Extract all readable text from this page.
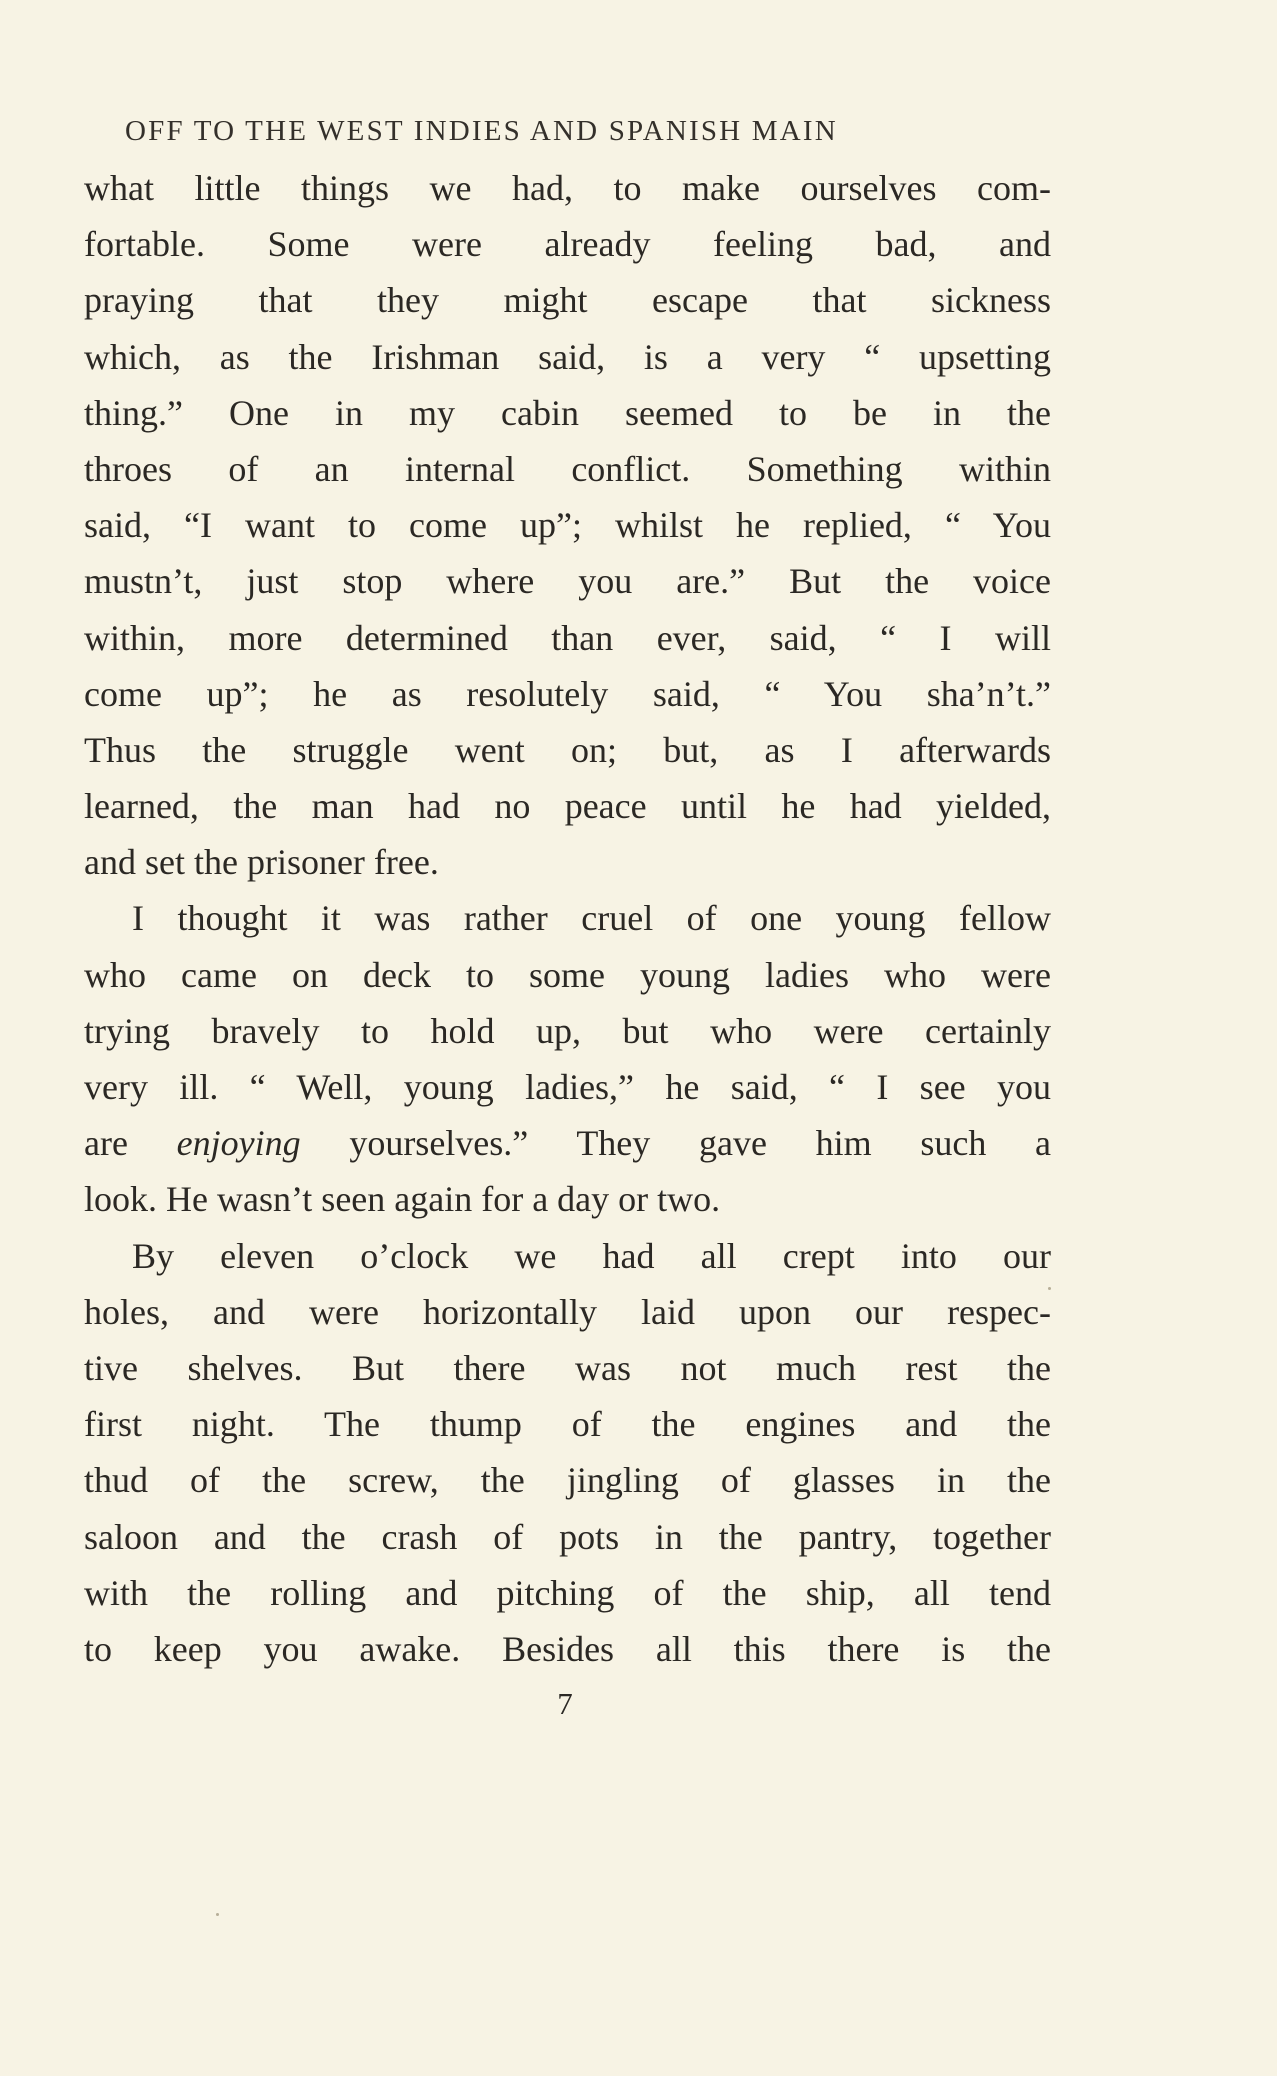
OFF TO THE WEST INDIES AND SPANISH MAIN
what little things we had, to make ourselves com-
fortable. Some were already feeling bad, and
praying that they might escape that sickness
which, as the Irishman said, is a very “ upsetting
thing.” One in my cabin seemed to be in the
throes of an internal conflict. Something within
said, “I want to come up”; whilst he replied, “ You
mustn’t, just stop where you are.” But the voice
within, more determined than ever, said, “ I will
come up”; he as resolutely said, “ You sha’n’t.”
Thus the struggle went on; but, as I afterwards
learned, the man had no peace until he had yielded,
and set the prisoner free.
I thought it was rather cruel of one young fellow
who came on deck to some young ladies who were
trying bravely to hold up, but who were certainly
very ill. “ Well, young ladies,” he said, “ I see you
are enjoying yourselves.” They gave him such a
look. He wasn’t seen again for a day or two.
By eleven o’clock we had all crept into our
holes, and were horizontally laid upon our respec-
tive shelves. But there was not much rest the
first night. The thump of the engines and the
thud of the screw, the jingling of glasses in the
saloon and the crash of pots in the pantry, together
with the rolling and pitching of the ship, all tend
to keep you awake. Besides all this there is the
7
